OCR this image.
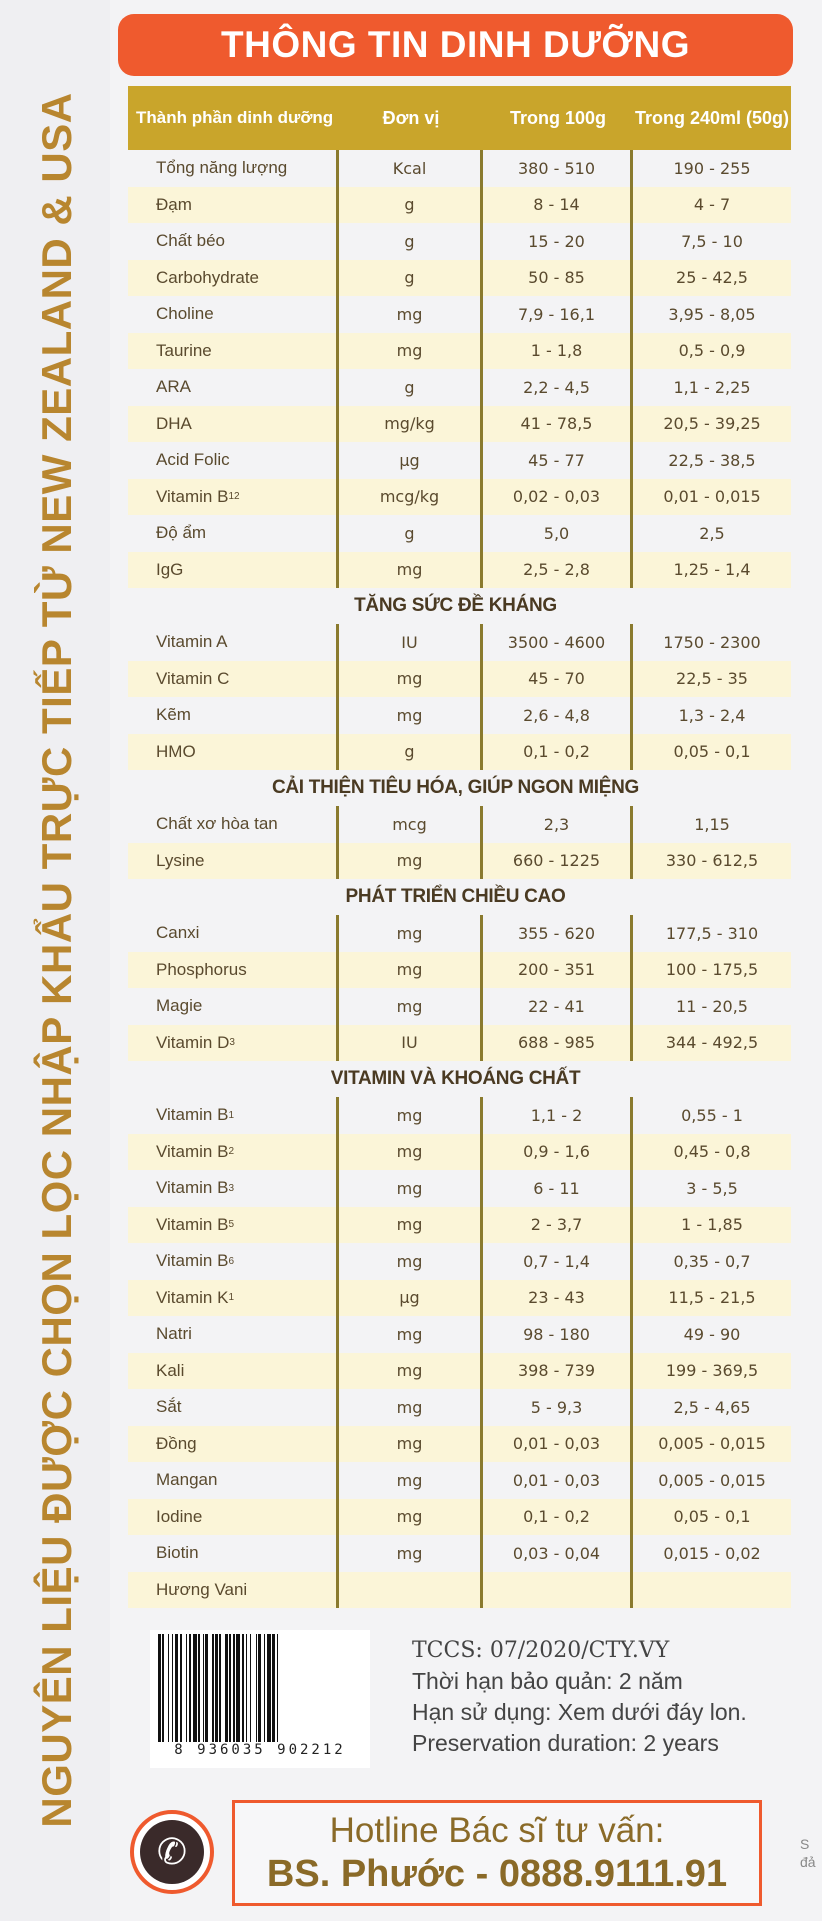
NGUYÊN LIỆU ĐƯỢC CHỌN LỌC NHẬP KHẨU TRỰC TIẾP TỪ NEW ZEALAND & USA
THÔNG TIN DINH DƯỠNG
Thành phần dinh dưỡng	Đơn vị	Trong 100g	Trong 240ml (50g)
Tổng năng lượng	Kcal	380 - 510	190 - 255
Đạm	g	8 - 14	4 - 7
Chất béo	g	15 - 20	7,5 - 10
Carbohydrate	g	50 - 85	25 - 42,5
Choline	mg	7,9 - 16,1	3,95 - 8,05
Taurine	mg	1 - 1,8	0,5 - 0,9
ARA	g	2,2 - 4,5	1,1 - 2,25
DHA	mg/kg	41 - 78,5	20,5 - 39,25
Acid Folic	µg	45 - 77	22,5 - 38,5
Vitamin B 12	mcg/kg	0,02 - 0,03	0,01 - 0,015
Độ ẩm	g	5,0	2,5
IgG	mg	2,5 - 2,8	1,25 - 1,4
TĂNG SỨC ĐỀ KHÁNG
Vitamin A	IU	3500 - 4600	1750 - 2300
Vitamin C	mg	45 - 70	22,5 - 35
Kẽm	mg	2,6 - 4,8	1,3 - 2,4
HMO	g	0,1 - 0,2	0,05 - 0,1
CẢI THIỆN TIÊU HÓA, GIÚP NGON MIỆNG
Chất xơ hòa tan	mcg	2,3	1,15
Lysine	mg	660 - 1225	330 - 612,5
PHÁT TRIỂN CHIỀU CAO
Canxi	mg	355 - 620	177,5 - 310
Phosphorus	mg	200 - 351	100 - 175,5
Magie	mg	22 - 41	11 - 20,5
Vitamin D 3	IU	688 - 985	344 - 492,5
VITAMIN VÀ KHOÁNG CHẤT
Vitamin B 1	mg	1,1 - 2	0,55 - 1
Vitamin B 2	mg	0,9 - 1,6	0,45 - 0,8
Vitamin B 3	mg	6 - 11	3 - 5,5
Vitamin B 5	mg	2 - 3,7	1 - 1,85
Vitamin B 6	mg	0,7 - 1,4	0,35 - 0,7
Vitamin K 1	µg	23 - 43	11,5 - 21,5
Natri	mg	98 - 180	49 - 90
Kali	mg	398 - 739	199 - 369,5
Sắt	mg	5 - 9,3	2,5 - 4,65
Đồng	mg	0,01 - 0,03	0,005 - 0,015
Mangan	mg	0,01 - 0,03	0,005 - 0,015
Iodine	mg	0,1 - 0,2	0,05 - 0,1
Biotin	mg	0,03 - 0,04	0,015 - 0,02
Hương Vani
8 936035 902212
TCCS: 07/2020/CTY.VY
Thời hạn bảo quản: 2 năm
Hạn sử dụng: Xem dưới đáy lon.
Preservation duration: 2 years
✆
Hotline Bác sĩ tư vấn:
BS. Phước - 0888.9111.91
S
đả
